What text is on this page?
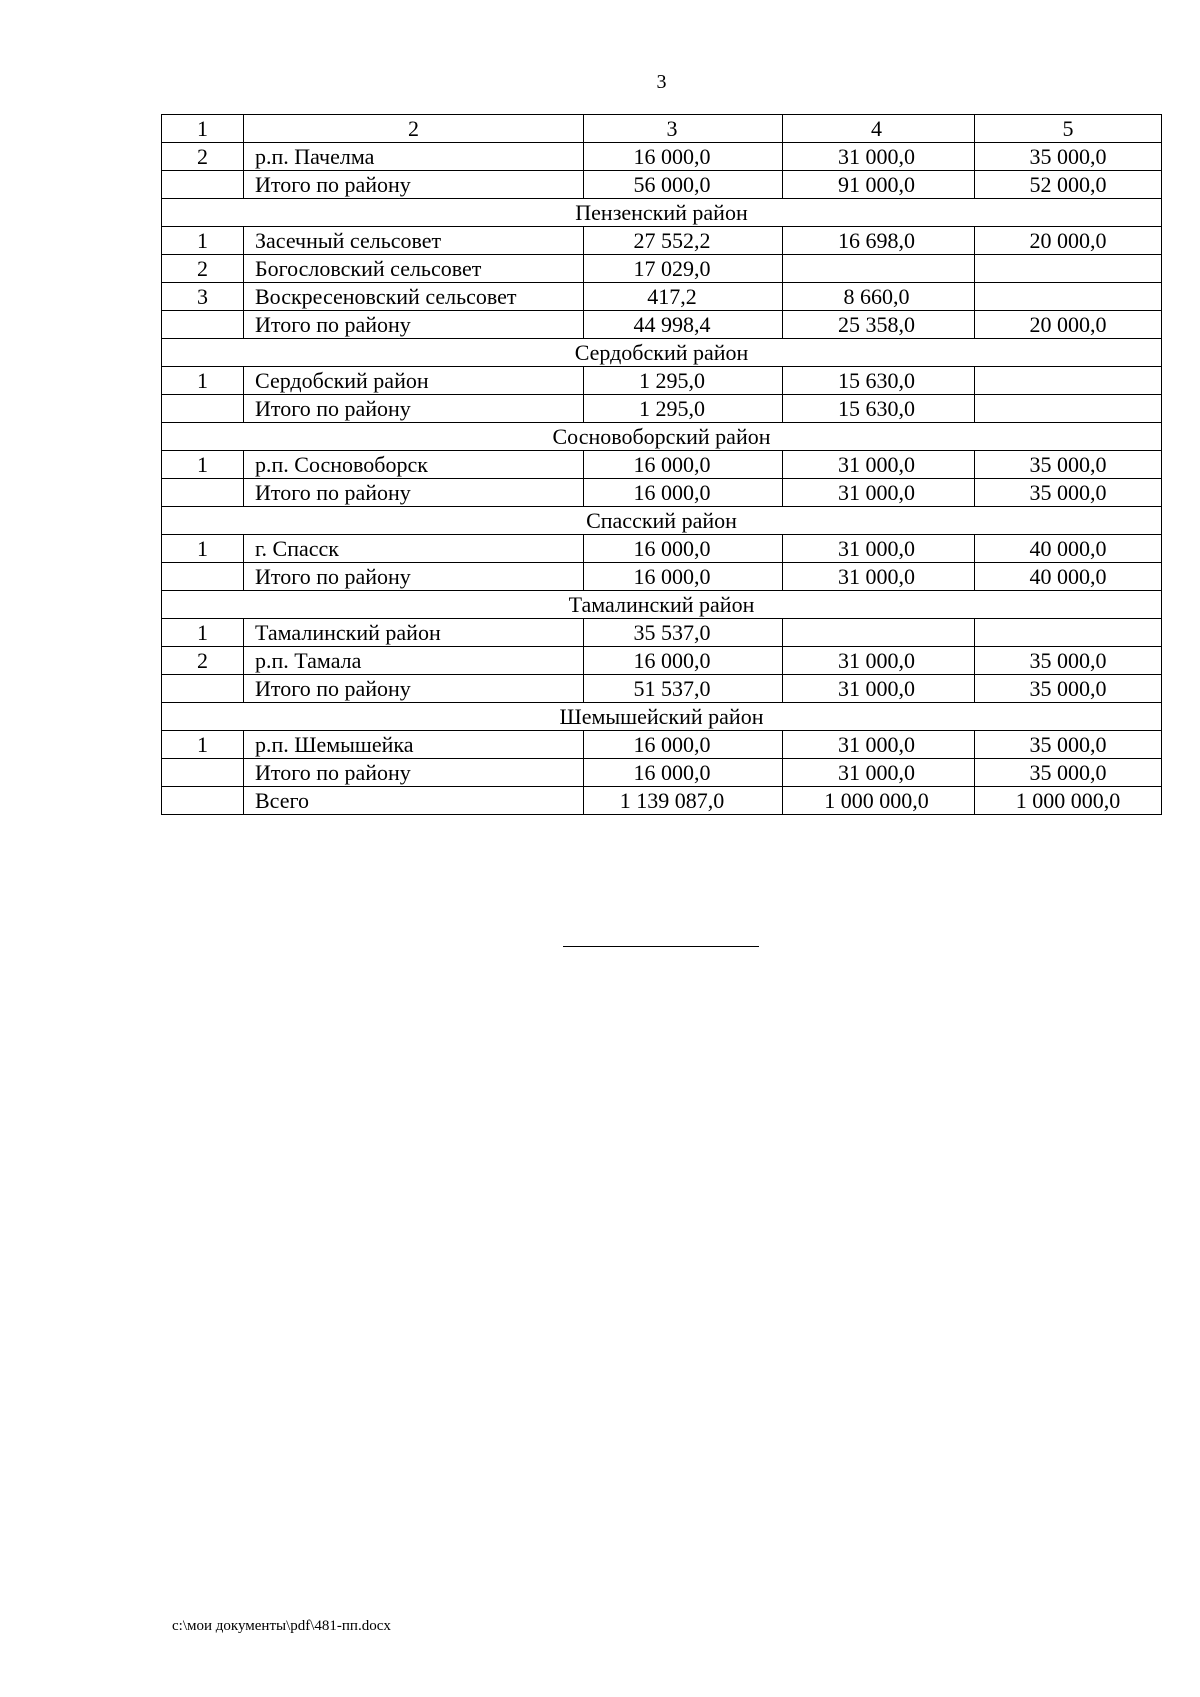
3
1	2	3	4	5
2	р.п. Пачелма	16 000,0	31 000,0	35 000,0
	Итого по району	56 000,0	91 000,0	52 000,0
Пензенский район				
1	Засечный сельсовет	27 552,2	16 698,0	20 000,0
2	Богословский сельсовет	17 029,0		
3	Воскресеновский сельсовет	417,2	8 660,0	
	Итого по району	44 998,4	25 358,0	20 000,0
Сердобский район				
1	Сердобский район	1 295,0	15 630,0	
	Итого по району	1 295,0	15 630,0	
Сосновоборский район				
1	р.п. Сосновоборск	16 000,0	31 000,0	35 000,0
	Итого по району	16 000,0	31 000,0	35 000,0
Спасский район				
1	г. Спасск	16 000,0	31 000,0	40 000,0
	Итого по району	16 000,0	31 000,0	40 000,0
Тамалинский район				
1	Тамалинский район	35 537,0		
2	р.п. Тамала	16 000,0	31 000,0	35 000,0
	Итого по району	51 537,0	31 000,0	35 000,0
Шемышейский район				
1	р.п. Шемышейка	16 000,0	31 000,0	35 000,0
	Итого по району	16 000,0	31 000,0	35 000,0
	Всего	1 139 087,0	1 000 000,0	1 000 000,0
c:\мои документы\pdf\481-пп.docx
